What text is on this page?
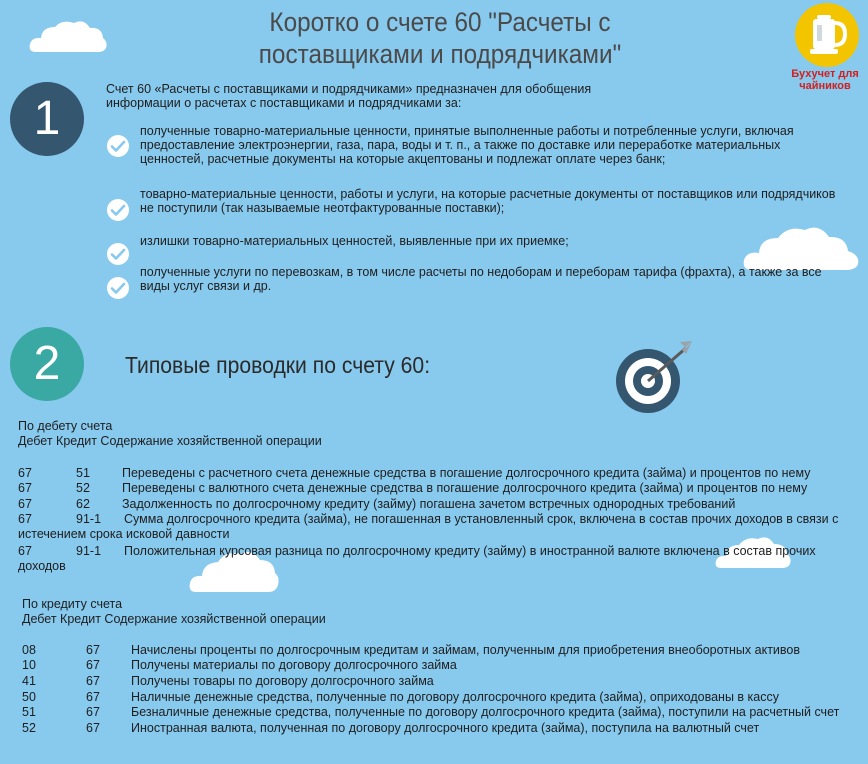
Коротко о счете 60 "Расчеты с
поставщиками и подрядчиками"
Бухучет для
чайников
1
Счет 60 «Расчеты с поставщиками и подрядчиками» предназначен для обобщения
информации о расчетах с поставщиками и подрядчиками за:
полученные товарно-материальные ценности, принятые выполненные работы и потребленные услуги, включая
предоставление электроэнергии, газа, пара, воды и т. п., а также по доставке или переработке материальных
ценностей, расчетные документы на которые акцептованы и подлежат оплате через банк;
товарно-материальные ценности, работы и услуги, на которые расчетные документы от поставщиков или подрядчиков
не поступили (так называемые неотфактурованные поставки);
излишки товарно-материальных ценностей, выявленные при их приемке;
полученные услуги по перевозкам, в том числе расчеты по недоборам и переборам тарифа (фрахта), а также за все
виды услуг связи и др.
2	Типовые проводки по счету 60:
По дебету счета
Дебет Кредит Содержание хозяйственной операции
67	51	Переведены с расчетного счета денежные средства в погашение долгосрочного кредита (займа) и процентов по нему
67	52	Переведены с валютного счета денежные средства в погашение долгосрочного кредита (займа) и процентов по нему
67	62	Задолженность по долгосрочному кредиту (займу) погашена зачетом встречных однородных требований
67	91-1 Сумма долгосрочного кредита (займа), не погашенная в установленный срок, включена в состав прочих доходов в связи с
истечением срока исковой давности
67	91-1 Положительная курсовая разница по долгосрочному кредиту (займу) в иностранной валюте включена в состав прочих
доходов
По кредиту счета
Дебет Кредит Содержание хозяйственной операции
08	67 Начислены проценты по долгосрочным кредитам и займам, полученным для приобретения внеоборотных активов
10	67 Получены материалы по договору долгосрочного займа
41	67 Получены товары по договору долгосрочного займа
50	67 Наличные денежные средства, полученные по договору долгосрочного кредита (займа), оприходованы в кассу
51	67 Безналичные денежные средства, полученные по договору долгосрочного кредита (займа), поступили на расчетный счет
52	67 Иностранная валюта, полученная по договору долгосрочного кредита (займа), поступила на валютный счет
